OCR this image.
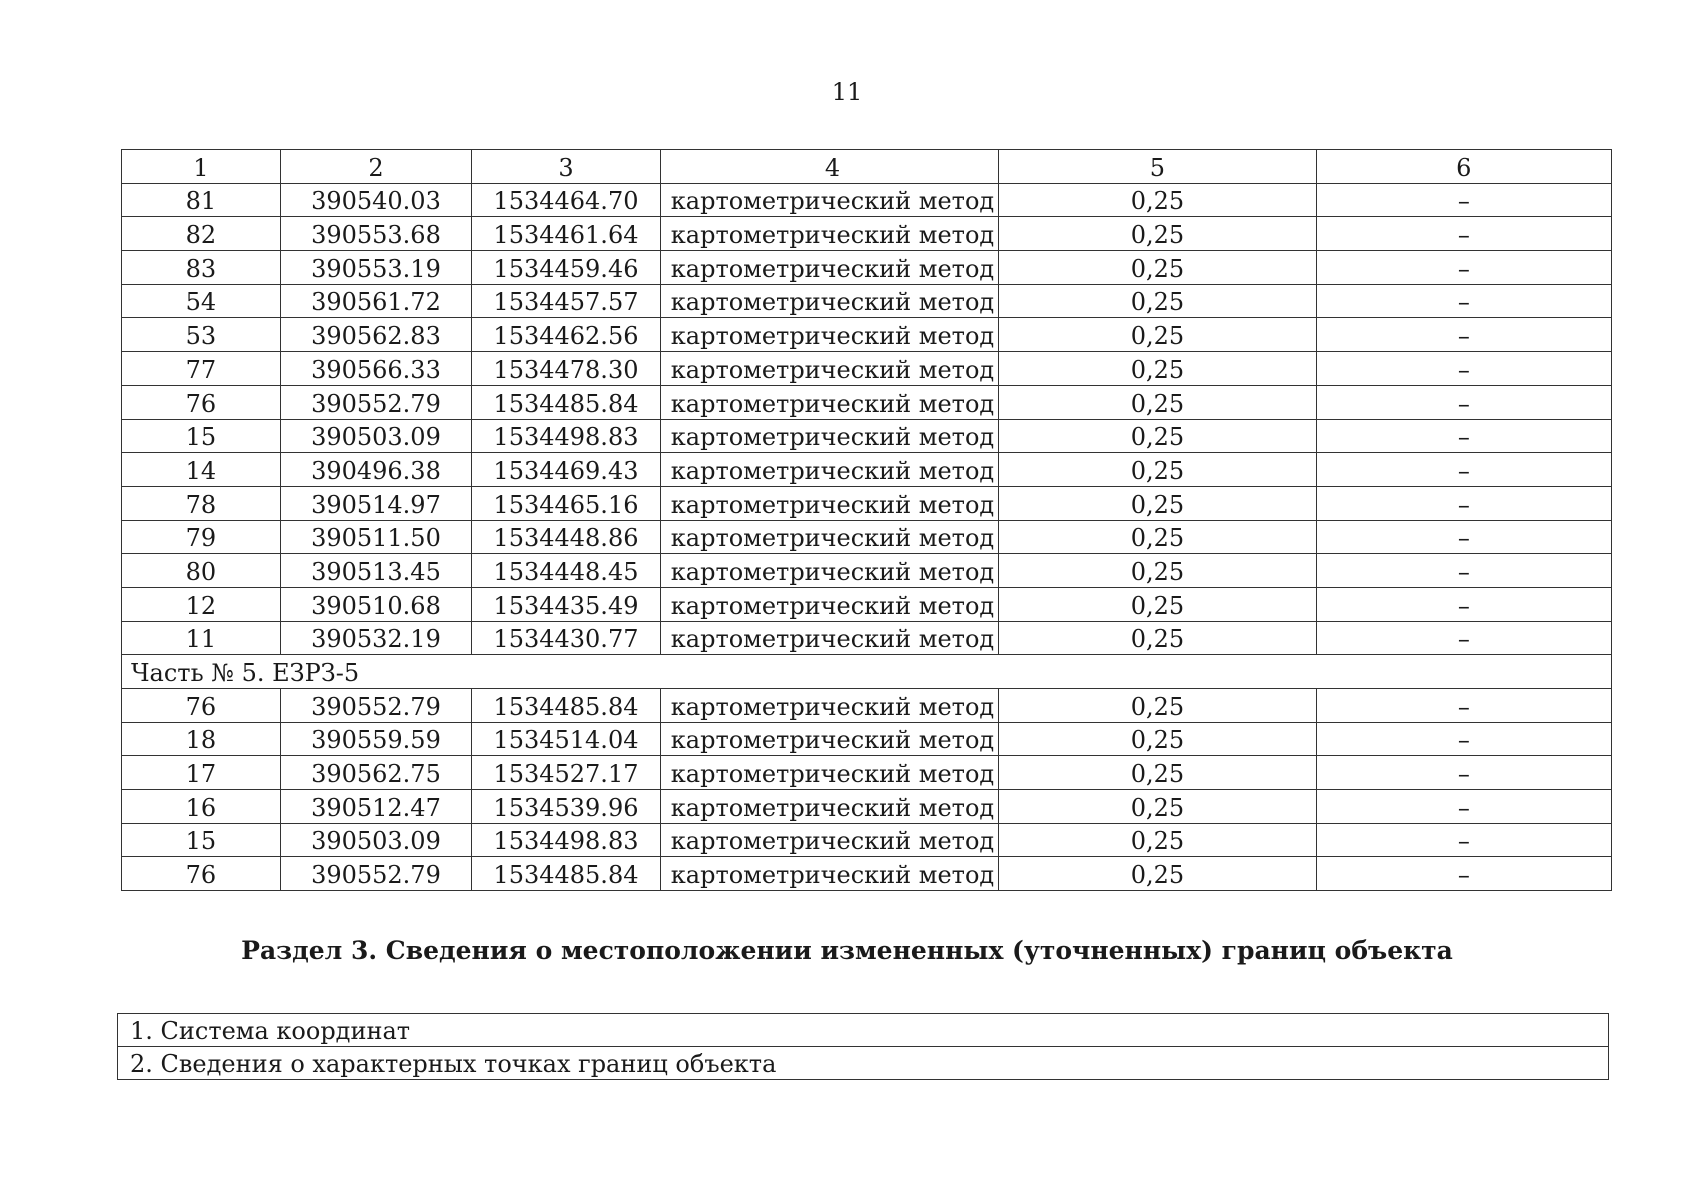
11
1	2	3	4	5	6
81	390540.03	1534464.70	картометрический метод	0,25	–
82	390553.68	1534461.64	картометрический метод	0,25	–
83	390553.19	1534459.46	картометрический метод	0,25	–
54	390561.72	1534457.57	картометрический метод	0,25	–
53	390562.83	1534462.56	картометрический метод	0,25	–
77	390566.33	1534478.30	картометрический метод	0,25	–
76	390552.79	1534485.84	картометрический метод	0,25	–
15	390503.09	1534498.83	картометрический метод	0,25	–
14	390496.38	1534469.43	картометрический метод	0,25	–
78	390514.97	1534465.16	картометрический метод	0,25	–
79	390511.50	1534448.86	картометрический метод	0,25	–
80	390513.45	1534448.45	картометрический метод	0,25	–
12	390510.68	1534435.49	картометрический метод	0,25	–
11	390532.19	1534430.77	картометрический метод	0,25	–
Часть № 5. ЕЗРЗ-5					
76	390552.79	1534485.84	картометрический метод	0,25	–
18	390559.59	1534514.04	картометрический метод	0,25	–
17	390562.75	1534527.17	картометрический метод	0,25	–
16	390512.47	1534539.96	картометрический метод	0,25	–
15	390503.09	1534498.83	картометрический метод	0,25	–
76	390552.79	1534485.84	картометрический метод	0,25	–
Раздел 3. Сведения о местоположении измененных (уточненных) границ объекта
1. Система координат
2. Сведения о характерных точках границ объекта
